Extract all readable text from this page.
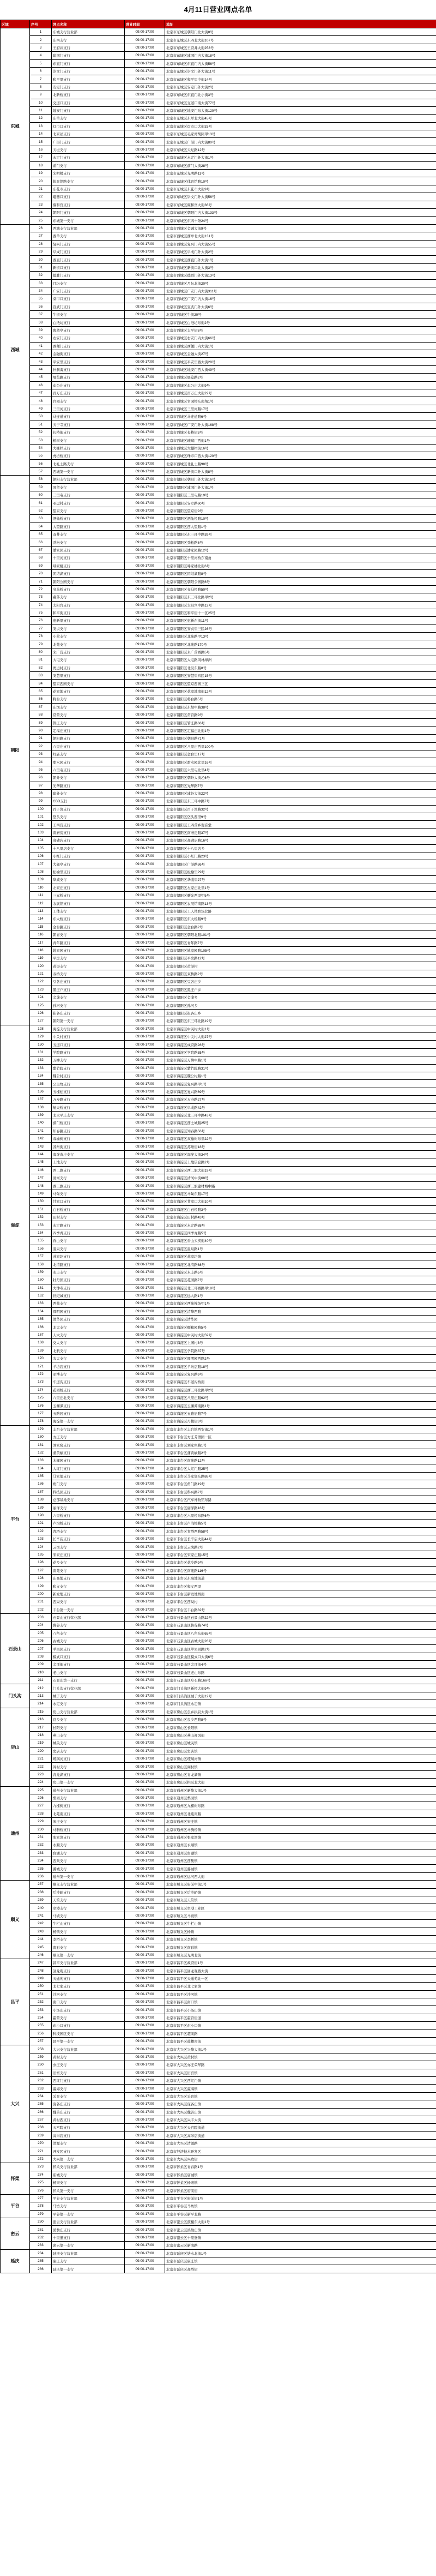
4月11日营业网点名单
区域	序号	网点名称	营业时间	地址
东城	1	东城支行营业部	09:00-17:00	北京市东城区朝阳门北大街8号
	2	东四支行	09:00-17:00	北京市东城区东四北大街107号
	3	王府井支行	09:00-17:00	北京市东城区王府井大街253号
	4	建国门支行	09:00-17:00	北京市东城区建国门内大街18号
	5	东直门支行	09:00-17:00	北京市东城区东直门内大街56号
	6	崇文门支行	09:00-17:00	北京市东城区崇文门外大街11号
	7	和平里支行	09:00-17:00	北京市东城区和平里中街14号
	8	安定门支行	09:00-17:00	北京市东城区安定门外大街2号
	9	北新桥支行	09:00-17:00	北京市东城区东直门北小街3号
	10	交道口支行	09:00-17:00	北京市东城区交道口南大街77号
	11	地安门支行	09:00-17:00	北京市东城区地安门东大街120号
	12	东单支行	09:00-17:00	北京市东城区东单北大街45号
	13	灯市口支行	09:00-17:00	北京市东城区灯市口大街33号
	14	北京站支行	09:00-17:00	北京市东城区毛家湾胡同甲13号
	15	广渠门支行	09:00-17:00	北京市东城区广渠门内大街80号
	16	天坛支行	09:00-17:00	北京市东城区天坛路12号
	17	永定门支行	09:00-17:00	北京市东城区永定门外大街1号
	18	前门支行	09:00-17:00	北京市东城区前门大街28号
	19	光明楼支行	09:00-17:00	北京市东城区光明路11号
	20	体育馆路支行	09:00-17:00	北京市东城区体育馆路10号
	21	东花市支行	09:00-17:00	北京市东城区东花市大街9号
	22	磁器口支行	09:00-17:00	北京市东城区崇文门外大街56号
	23	雍和宫支行	09:00-17:00	北京市东城区雍和宫大街36号
	24	朝阳门支行	09:00-17:00	北京市东城区朝阳门内大街133号
	25	东城第一支行	09:00-17:00	北京市东城区东四十条24号
西城	26	西城支行营业部	09:00-17:00	北京市西城区金融大街9号
	27	西单支行	09:00-17:00	北京市西城区西单北大街131号
	28	复兴门支行	09:00-17:00	北京市西城区复兴门内大街55号
	29	阜成门支行	09:00-17:00	北京市西城区阜成门外大街2号
	30	西直门支行	09:00-17:00	北京市西城区西直门外大街1号
	31	新街口支行	09:00-17:00	北京市西城区新街口北大街3号
	32	德胜门支行	09:00-17:00	北京市西城区德胜门外大街13号
	33	月坛支行	09:00-17:00	北京市西城区月坛北街20号
	34	广安门支行	09:00-17:00	北京市西城区广安门内大街311号
	35	菜市口支行	09:00-17:00	北京市西城区广安门内大街16号
	36	宣武门支行	09:00-17:00	北京市西城区宣武门外大街6号
	37	牛街支行	09:00-17:00	北京市西城区牛街20号
	38	白纸坊支行	09:00-17:00	北京市西城区白纸坊东街2号
	39	陶然亭支行	09:00-17:00	北京市西城区太平街8号
	40	右安门支行	09:00-17:00	北京市西城区右安门内大街66号
	41	西便门支行	09:00-17:00	北京市西城区西便门内大街1号
	42	金融街支行	09:00-17:00	北京市西城区金融大街27号
	43	平安里支行	09:00-17:00	北京市西城区平安里西大街28号
	44	什刹海支行	09:00-17:00	北京市西城区地安门西大街49号
	45	展览路支行	09:00-17:00	北京市西城区展览路2号
	46	车公庄支行	09:00-17:00	北京市西城区车公庄大街9号
	47	百万庄支行	09:00-17:00	北京市西城区百万庄大街22号
	48	官园支行	09:00-17:00	北京市西城区官园桥东南角1号
	49	三里河支行	09:00-17:00	北京市西城区三里河路17号
	50	马连道支行	09:00-17:00	北京市西城区马连道路6号
	51	天宁寺支行	09:00-17:00	北京市西城区广安门外大街168号
	52	长椿街支行	09:00-17:00	北京市西城区长椿街3号
	53	椿树支行	09:00-17:00	北京市西城区琉璃厂西街1号
	54	大栅栏支行	09:00-17:00	北京市西城区大栅栏街16号
	55	虎坊桥支行	09:00-17:00	北京市西城区珠市口西大街120号
	56	北礼士路支行	09:00-17:00	北京市西城区北礼士路98号
	57	西城第一支行	09:00-17:00	北京市西城区新街口外大街8号
朝阳	58	朝阳支行营业部	09:00-17:00	北京市朝阳区朝阳门外大街16号
	59	国贸支行	09:00-17:00	北京市朝阳区建国门外大街1号
	60	三里屯支行	09:00-17:00	北京市朝阳区三里屯路19号
	61	亚运村支行	09:00-17:00	北京市朝阳区安立路60号
	62	望京支行	09:00-17:00	北京市朝阳区望京街9号
	63	酒仙桥支行	09:00-17:00	北京市朝阳区酒仙桥路10号
	64	大望路支行	09:00-17:00	北京市朝阳区西大望路1号
	65	双井支行	09:00-17:00	北京市朝阳区东三环中路39号
	66	劲松支行	09:00-17:00	北京市朝阳区劲松路8号
	67	潘家园支行	09:00-17:00	北京市朝阳区潘家园路12号
	68	十里河支行	09:00-17:00	北京市朝阳区十里河桥东南角
	69	呼家楼支行	09:00-17:00	北京市朝阳区呼家楼北街6号
	70	团结湖支行	09:00-17:00	北京市朝阳区团结湖路8号
	71	朝阳公园支行	09:00-17:00	北京市朝阳区朝阳公园路6号
	72	亮马桥支行	09:00-17:00	北京市朝阳区亮马桥路50号
	73	燕莎支行	09:00-17:00	北京市朝阳区东三环北路甲2号
	74	太阳宫支行	09:00-17:00	北京市朝阳区太阳宫中路12号
	75	和平街支行	09:00-17:00	北京市朝阳区和平街十一区25号
	76	惠新里支行	09:00-17:00	北京市朝阳区惠新东街11号
	77	安贞支行	09:00-17:00	北京市朝阳区安贞里三区26号
	78	小营支行	09:00-17:00	北京市朝阳区北苑路甲13号
	79	北苑支行	09:00-17:00	北京市朝阳区北苑路170号
	80	来广营支行	09:00-17:00	北京市朝阳区来广营西路5号
	81	大屯支行	09:00-17:00	北京市朝阳区大屯路风林绿洲
	82	奥运村支行	09:00-17:00	北京市朝阳区北辰东路8号
	83	安慧里支行	09:00-17:00	北京市朝阳区安慧里四区15号
	84	望京西园支行	09:00-17:00	北京市朝阳区望京西园三区
	85	花家地支行	09:00-17:00	北京市朝阳区花家地南街12号
	86	将台支行	09:00-17:00	北京市朝阳区将台路5号
	87	东坝支行	09:00-17:00	北京市朝阳区东坝中路38号
	88	常营支行	09:00-17:00	北京市朝阳区常营路9号
	89	管庄支行	09:00-17:00	北京市朝阳区管庄路66号
	90	定福庄支行	09:00-17:00	北京市朝阳区定福庄北街1号
	91	朝阳路支行	09:00-17:00	北京市朝阳区朝阳路71号
	92	八里庄支行	09:00-17:00	北京市朝阳区八里庄西里100号
	93	红庙支行	09:00-17:00	北京市朝阳区金台里17号
	94	甜水园支行	09:00-17:00	北京市朝阳区甜水园北里16号
	95	六里屯支行	09:00-17:00	北京市朝阳区六里屯北里4号
	96	朝外支行	09:00-17:00	北京市朝阳区朝外大街乙6号
	97	光华路支行	09:00-17:00	北京市朝阳区光华路7号
	98	建外支行	09:00-17:00	北京市朝阳区建外大街22号
	99	CBD支行	09:00-17:00	北京市朝阳区东三环中路7号
	100	百子湾支行	09:00-17:00	北京市朝阳区百子湾路32号
	101	垡头支行	09:00-17:00	北京市朝阳区垡头西里9号
	102	王四营支行	09:00-17:00	北京市朝阳区王四营乡观音堂
	103	南磨房支行	09:00-17:00	北京市朝阳区南磨房路37号
	104	高碑店支行	09:00-17:00	北京市朝阳区高碑店路16号
	105	十八里店支行	09:00-17:00	北京市朝阳区十八里店乡
	106	小红门支行	09:00-17:00	北京市朝阳区小红门路23号
	107	大郊亭支行	09:00-17:00	北京市朝阳区广渠路36号
	108	松榆里支行	09:00-17:00	北京市朝阳区松榆里29号
	109	华威支行	09:00-17:00	北京市朝阳区华威里27号
	110	左家庄支行	09:00-17:00	北京市朝阳区左家庄北里1号
	111	三元桥支行	09:00-17:00	北京市朝阳区曙光西里甲5号
	112	农展馆支行	09:00-17:00	北京市朝阳区农展馆南路13号
	113	工体支行	09:00-17:00	北京市朝阳区工人体育场北路
	114	东大桥支行	09:00-17:00	北京市朝阳区东大桥路9号
	115	金台路支行	09:00-17:00	北京市朝阳区金台路2号
	116	朝青支行	09:00-17:00	北京市朝阳区朝阳北路101号
	117	青年路支行	09:00-17:00	北京市朝阳区青年路7号
	118	姚家园支行	09:00-17:00	北京市朝阳区姚家园路105号
	119	平房支行	09:00-17:00	北京市朝阳区平房路12号
	120	黄渠支行	09:00-17:00	北京市朝阳区黄渠村
	121	双桥支行	09:00-17:00	北京市朝阳区双桥路2号
	122	豆各庄支行	09:00-17:00	北京市朝阳区豆各庄乡
	123	黑庄户支行	09:00-17:00	北京市朝阳区黑庄户乡
	124	金盏支行	09:00-17:00	北京市朝阳区金盏乡
	125	孙河支行	09:00-17:00	北京市朝阳区孙河乡
	126	崔各庄支行	09:00-17:00	北京市朝阳区崔各庄乡
	127	朝阳第一支行	09:00-17:00	北京市朝阳区东三环北路19号
海淀	128	海淀支行营业部	09:00-17:00	北京市海淀区中关村大街1号
	129	中关村支行	09:00-17:00	北京市海淀区中关村大街27号
	130	五道口支行	09:00-17:00	北京市海淀区成府路28号
	131	学院路支行	09:00-17:00	北京市海淀区学院路35号
	132	万柳支行	09:00-17:00	北京市海淀区万柳中路1号
	133	紫竹院支行	09:00-17:00	北京市海淀区紫竹院路31号
	134	魏公村支行	09:00-17:00	北京市海淀区魏公村路1号
	135	公主坟支行	09:00-17:00	北京市海淀区复兴路甲1号
	136	五棵松支行	09:00-17:00	北京市海淀区复兴路69号
	137	万寿路支行	09:00-17:00	北京市海淀区万寿路27号
	138	航天桥支行	09:00-17:00	北京市海淀区阜成路42号
	139	北太平庄支行	09:00-17:00	北京市海淀区北三环中路43号
	140	蓟门桥支行	09:00-17:00	北京市海淀区西土城路25号
	141	知春路支行	09:00-17:00	北京市海淀区知春路56号
	142	双榆树支行	09:00-17:00	北京市海淀区双榆树东里22号
	143	苏州街支行	09:00-17:00	北京市海淀区苏州街18号
	144	海淀黄庄支行	09:00-17:00	北京市海淀区海淀大街34号
	145	上地支行	09:00-17:00	北京市海淀区上地信息路2号
	146	西二旗支行	09:00-17:00	北京市海淀区西二旗大街19号
	147	清河支行	09:00-17:00	北京市海淀区清河中街68号
	148	西三旗支行	09:00-17:00	北京市海淀区西三旗建材城中路
	149	马甸支行	09:00-17:00	北京市海淀区马甸东路17号
	150	甘家口支行	09:00-17:00	北京市海淀区甘家口大街10号
	151	白石桥支行	09:00-17:00	北京市海淀区白石桥路3号
	152	田村支行	09:00-17:00	北京市海淀区田村路43号
	153	永定路支行	09:00-17:00	北京市海淀区永定路88号
	154	四季青支行	09:00-17:00	北京市海淀区四季青路5号
	155	香山支行	09:00-17:00	北京市海淀区香山买卖街40号
	156	温泉支行	09:00-17:00	北京市海淀区温泉路1号
	157	苏家坨支行	09:00-17:00	北京市海淀区苏家坨镇
	158	北清路支行	09:00-17:00	北京市海淀区北清路68号
	159	永丰支行	09:00-17:00	北京市海淀区永丰路5号
	160	牡丹园支行	09:00-17:00	北京市海淀区花园路7号
	161	大钟寺支行	09:00-17:00	北京市海淀区北三环西路甲18号
	162	世纪城支行	09:00-17:00	北京市海淀区远大路1号
	163	西苑支行	09:00-17:00	北京市海淀区西苑操场甲1号
	164	圆明园支行	09:00-17:00	北京市海淀区清华西路
	165	清华园支行	09:00-17:00	北京市海淀区清华园
	166	北大支行	09:00-17:00	北京市海淀区颐和园路5号
	167	人大支行	09:00-17:00	北京市海淀区中关村大街59号
	168	交大支行	09:00-17:00	北京市海淀区上园村3号
	169	北航支行	09:00-17:00	北京市海淀区学院路37号
	170	农大支行	09:00-17:00	北京市海淀区圆明园西路2号
	171	羊坊店支行	09:00-17:00	北京市海淀区羊坊店路18号
	172	军博支行	09:00-17:00	北京市海淀区复兴路9号
	173	车道沟支行	09:00-17:00	北京市海淀区车道沟桥南
	174	花园桥支行	09:00-17:00	北京市海淀区西三环北路甲2号
	175	八里庄北支行	09:00-17:00	北京市海淀区八里庄路62号
	176	玉渊潭支行	09:00-17:00	北京市海淀区玉渊潭南路1号
	177	五路居支行	09:00-17:00	北京市海淀区五路居路7号
	178	海淀第一支行	09:00-17:00	北京市海淀区丹棱街3号
丰台	179	丰台支行营业部	09:00-17:00	北京市丰台区丰台镇西安街1号
	180	方庄支行	09:00-17:00	北京市丰台区方庄芳群园一区
	181	刘家窑支行	09:00-17:00	北京市丰台区刘家窑路1号
	182	蒲黄榆支行	09:00-17:00	北京市丰台区蒲黄榆路2号
	183	木樨园支行	09:00-17:00	北京市丰台区南苑路12号
	184	大红门支行	09:00-17:00	北京市丰台区大红门路25号
	185	马家堡支行	09:00-17:00	北京市丰台区马家堡东路88号
	186	角门支行	09:00-17:00	北京市丰台区角门路19号
	187	科技园支行	09:00-17:00	北京市丰台区科兴路7号
	188	总部基地支行	09:00-17:00	北京市丰台区汽车博物馆东路
	189	丽泽支行	09:00-17:00	北京市丰台区丽泽路16号
	190	六里桥支行	09:00-17:00	北京市丰台区六里桥东路6号
	191	卢沟桥支行	09:00-17:00	北京市丰台区卢沟桥路5号
	192	青塔支行	09:00-17:00	北京市丰台区青塔西路58号
	193	长辛店支行	09:00-17:00	北京市丰台区长辛店大街44号
	194	云岗支行	09:00-17:00	北京市丰台区云岗路2号
	195	宋家庄支行	09:00-17:00	北京市丰台区宋家庄路15号
	196	花乡支行	09:00-17:00	北京市丰台区花乡路9号
	197	南苑支行	09:00-17:00	北京市丰台区南苑路116号
	198	东高地支行	09:00-17:00	北京市丰台区东高地街道
	199	和义支行	09:00-17:00	北京市丰台区和义西里
	200	新发地支行	09:00-17:00	北京市丰台区新发地桥南
	201	西局支行	09:00-17:00	北京市丰台区西局村
	202	丰台第一支行	09:00-17:00	北京市丰台区丰台路32号
石景山	203	石景山支行营业部	09:00-17:00	北京市石景山区石景山路22号
	204	鲁谷支行	09:00-17:00	北京市石景山区鲁谷路74号
	205	八角支行	09:00-17:00	北京市石景山区八角东街65号
	206	古城支行	09:00-17:00	北京市石景山区古城大街26号
	207	苹果园支行	09:00-17:00	北京市石景山区苹果园路2号
	208	模式口支行	09:00-17:00	北京市石景山区模式口大街6号
	209	金顶街支行	09:00-17:00	北京市石景山区金顶街4号
	210	老山支行	09:00-17:00	北京市石景山区老山东路
	211	石景山第一支行	09:00-17:00	北京市石景山区阜石路166号
门头沟	212	门头沟支行营业部	09:00-17:00	北京市门头沟区新桥大街9号
	213	城子支行	09:00-17:00	北京市门头沟区城子大街12号
	214	永定支行	09:00-17:00	北京市门头沟区永定镇
房山	215	房山支行营业部	09:00-17:00	北京市房山区良乡拱辰大街1号
	216	良乡支行	09:00-17:00	北京市房山区良乡西路8号
	217	长阳支行	09:00-17:00	北京市房山区长阳镇
	218	燕山支行	09:00-17:00	北京市房山区燕山迎风街
	219	城关支行	09:00-17:00	北京市房山区城关镇
	220	窦店支行	09:00-17:00	北京市房山区窦店镇
	221	琉璃河支行	09:00-17:00	北京市房山区琉璃河镇
	222	阎村支行	09:00-17:00	北京市房山区阎村镇
	223	青龙湖支行	09:00-17:00	北京市房山区青龙湖镇
	224	房山第一支行	09:00-17:00	北京市房山区拱辰北大街
通州	225	通州支行营业部	09:00-17:00	北京市通州区新华大街1号
	226	梨园支行	09:00-17:00	北京市通州区梨园镇
	227	九棵树支行	09:00-17:00	北京市通州区九棵树东路
	228	北苑南支行	09:00-17:00	北京市通州区北苑南路
	229	宋庄支行	09:00-17:00	北京市通州区宋庄镇
	230	马驹桥支行	09:00-17:00	北京市通州区马驹桥镇
	231	张家湾支行	09:00-17:00	北京市通州区张家湾镇
	232	永顺支行	09:00-17:00	北京市通州区永顺镇
	233	台湖支行	09:00-17:00	北京市通州区台湖镇
	234	西集支行	09:00-17:00	北京市通州区西集镇
	235	潞城支行	09:00-17:00	北京市通州区潞城镇
	236	通州第一支行	09:00-17:00	北京市通州区运河西大街
顺义	237	顺义支行营业部	09:00-17:00	北京市顺义区府前中街1号
	238	后沙峪支行	09:00-17:00	北京市顺义区后沙峪镇
	239	天竺支行	09:00-17:00	北京市顺义区天竺镇
	240	空港支行	09:00-17:00	北京市顺义区空港工业区
	241	马坡支行	09:00-17:00	北京市顺义区马坡镇
	242	牛栏山支行	09:00-17:00	北京市顺义区牛栏山镇
	243	杨镇支行	09:00-17:00	北京市顺义区杨镇
	244	李桥支行	09:00-17:00	北京市顺义区李桥镇
	245	南彩支行	09:00-17:00	北京市顺义区南彩镇
	246	顺义第一支行	09:00-17:00	北京市顺义区光明北街
昌平	247	昌平支行营业部	09:00-17:00	北京市昌平区政府街1号
	248	回龙观支行	09:00-17:00	北京市昌平区回龙观西大街
	249	天通苑支行	09:00-17:00	北京市昌平区天通苑北一区
	250	北七家支行	09:00-17:00	北京市昌平区北七家镇
	251	沙河支行	09:00-17:00	北京市昌平区沙河镇
	252	南口支行	09:00-17:00	北京市昌平区南口镇
	253	小汤山支行	09:00-17:00	北京市昌平区小汤山镇
	254	霍营支行	09:00-17:00	北京市昌平区霍营街道
	255	东小口支行	09:00-17:00	北京市昌平区东小口镇
	256	科技园区支行	09:00-17:00	北京市昌平区超前路
	257	昌平第一支行	09:00-17:00	北京市昌平区鼓楼南街
大兴	258	大兴支行营业部	09:00-17:00	北京市大兴区兴华大街1号
	259	黄村支行	09:00-17:00	北京市大兴区黄村镇
	260	亦庄支行	09:00-17:00	北京市大兴区亦庄荣华路
	261	旧宫支行	09:00-17:00	北京市大兴区旧宫镇
	262	西红门支行	09:00-17:00	北京市大兴区西红门镇
	263	瀛海支行	09:00-17:00	北京市大兴区瀛海镇
	264	采育支行	09:00-17:00	北京市大兴区采育镇
	265	庞各庄支行	09:00-17:00	北京市大兴区庞各庄镇
	266	魏善庄支行	09:00-17:00	北京市大兴区魏善庄镇
	267	黄村西支行	09:00-17:00	北京市大兴区兴丰大街
	268	天宫院支行	09:00-17:00	北京市大兴区天宫院街道
	269	高米店支行	09:00-17:00	北京市大兴区高米店街道
	270	清源支行	09:00-17:00	北京市大兴区清源路
	271	开发区支行	09:00-17:00	北京市经济技术开发区
	272	大兴第一支行	09:00-17:00	北京市大兴区兴政街
怀柔	273	怀柔支行营业部	09:00-17:00	北京市怀柔区青春路1号
	274	庙城支行	09:00-17:00	北京市怀柔区庙城镇
	275	杨宋支行	09:00-17:00	北京市怀柔区杨宋镇
	276	怀柔第一支行	09:00-17:00	北京市怀柔区府前街
平谷	277	平谷支行营业部	09:00-17:00	北京市平谷区府前街1号
	278	马坊支行	09:00-17:00	北京市平谷区马坊镇
	279	平谷第一支行	09:00-17:00	北京市平谷区新平北路
密云	280	密云支行营业部	09:00-17:00	北京市密云区鼓楼东大街1号
	281	溪翁庄支行	09:00-17:00	北京市密云区溪翁庄镇
	282	十里堡支行	09:00-17:00	北京市密云区十里堡镇
	283	密云第一支行	09:00-17:00	北京市密云区新南路
延庆	284	延庆支行营业部	09:00-17:00	北京市延庆区妫水北街1号
	285	康庄支行	09:00-17:00	北京市延庆区康庄镇
	286	延庆第一支行	09:00-17:00	北京市延庆区高塔街
